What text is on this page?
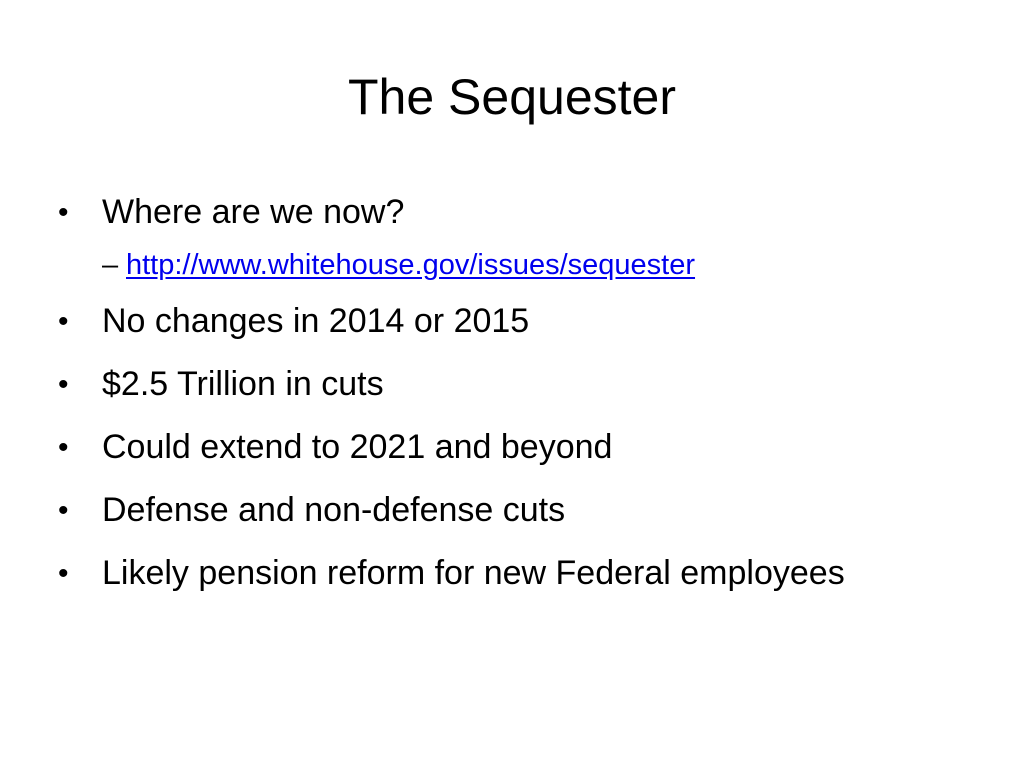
The Sequester
• Where are we now?
– http://www.whitehouse.gov/issues/sequester
• No changes in 2014 or 2015
• $2.5 Trillion in cuts
• Could extend to 2021 and beyond
• Defense and non-defense cuts
• Likely pension reform for new Federal employees
